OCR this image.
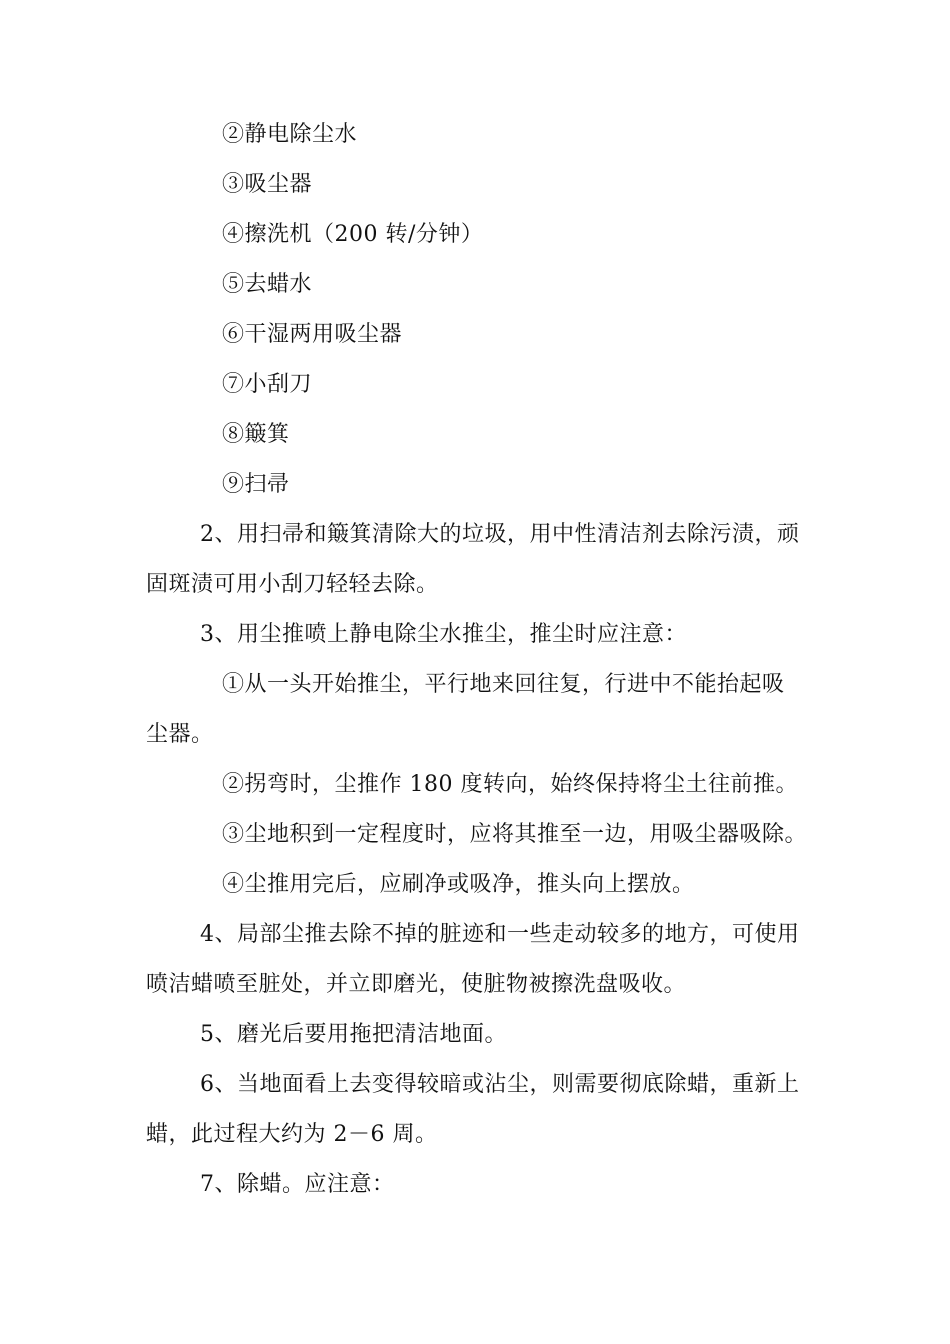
②静电除尘水
③吸尘器
④擦洗机（200 转/分钟）
⑤去蜡水
⑥干湿两用吸尘器
⑦小刮刀
⑧簸箕
⑨扫帚
2、用扫帚和簸箕清除大的垃圾，用中性清洁剂去除污渍，顽
固斑渍可用小刮刀轻轻去除。
3、用尘推喷上静电除尘水推尘，推尘时应注意：
①从一头开始推尘，平行地来回往复，行进中不能抬起吸
尘器。
②拐弯时，尘推作 180 度转向，始终保持将尘土往前推。
③尘地积到一定程度时，应将其推至一边，用吸尘器吸除。
④尘推用完后，应刷净或吸净，推头向上摆放。
4、局部尘推去除不掉的脏迹和一些走动较多的地方，可使用
喷洁蜡喷至脏处，并立即磨光，使脏物被擦洗盘吸收。
5、磨光后要用拖把清洁地面。
6、当地面看上去变得较暗或沾尘，则需要彻底除蜡，重新上
蜡，此过程大约为 2－6 周。
7、除蜡。应注意：
